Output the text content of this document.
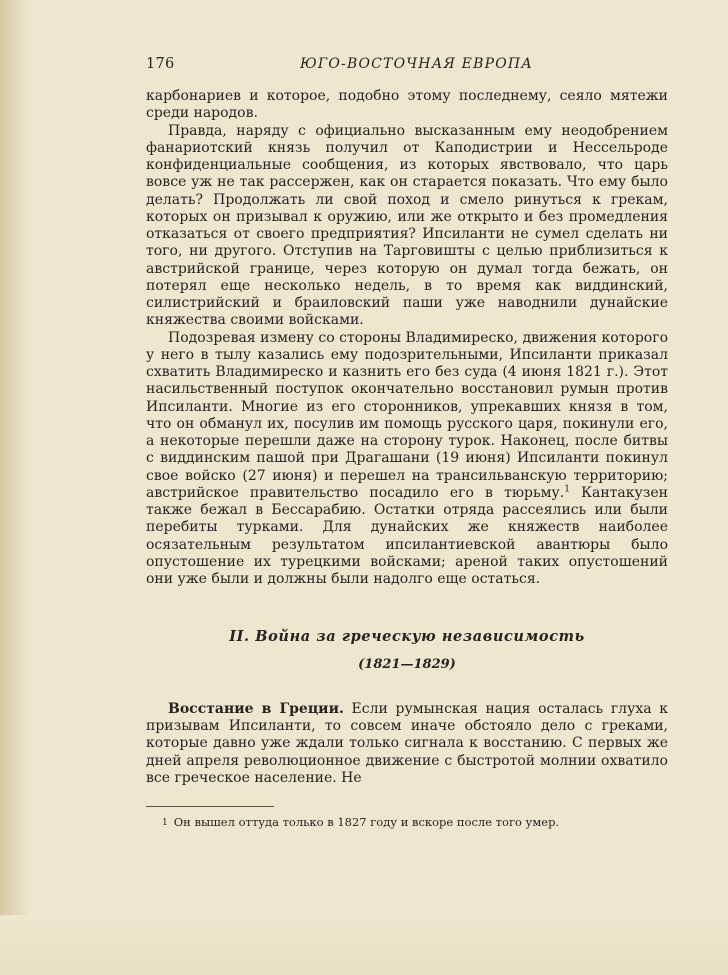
176	ЮГО-ВОСТОЧНАЯ ЕВРОПА

карбонариев и которое, подобно этому последнему, сеяло мятежи среди народов.

Правда, наряду с официально высказанным ему неодобрением фанариотский князь получил от Каподистрии и Нессельроде конфиденциальные сообщения, из которых явствовало, что царь вовсе уж не так рассержен, как он старается показать. Что ему было делать? Продолжать ли свой поход и смело ринуться к грекам, которых он призывал к оружию, или же открыто и без промедления отказаться от своего предприятия? Ипсиланти не сумел сделать ни того, ни другого. Отступив на Тарговишты с целью приблизиться к австрийской границе, через которую он думал тогда бежать, он потерял еще несколько недель, в то время как виддинский, силистрийский и браиловский паши уже наводнили дунайские княжества своими войсками.

Подозревая измену со стороны Владимиреско, движения которого у него в тылу казались ему подозрительными, Ипсиланти приказал схватить Владимиреско и казнить его без суда (4 июня 1821 г.). Этот насильственный поступок окончательно восстановил румын против Ипсиланти. Многие из его сторонников, упрекавших князя в том, что он обманул их, посулив им помощь русского царя, покинули его, а некоторые перешли даже на сторону турок. Наконец, после битвы с виддинским пашой при Драгашани (19 июня) Ипсиланти покинул свое войско (27 июня) и перешел на трансильванскую территорию; австрийское правительство посадило его в тюрьму.$^1$ Кантакузен также бежал в Бессарабию. Остатки отряда рассеялись или были перебиты турками. Для дунайских же княжеств наиболее осязательным результатом ипсилантиевской авантюры было опустошение их турецкими войсками; ареной таких опустошений они уже были и должны были надолго еще остаться.

II. Война за греческую независимость
(1821—1829)

Восстание в Греции. Если румынская нация осталась глуха к призывам Ипсиланти, то совсем иначе обстояло дело с греками, которые давно уже ждали только сигнала к восстанию. С первых же дней апреля революционное движение с быстротой молнии охватило все греческое население. Не

1 Он вышел оттуда только в 1827 году и вскоре после того умер.
